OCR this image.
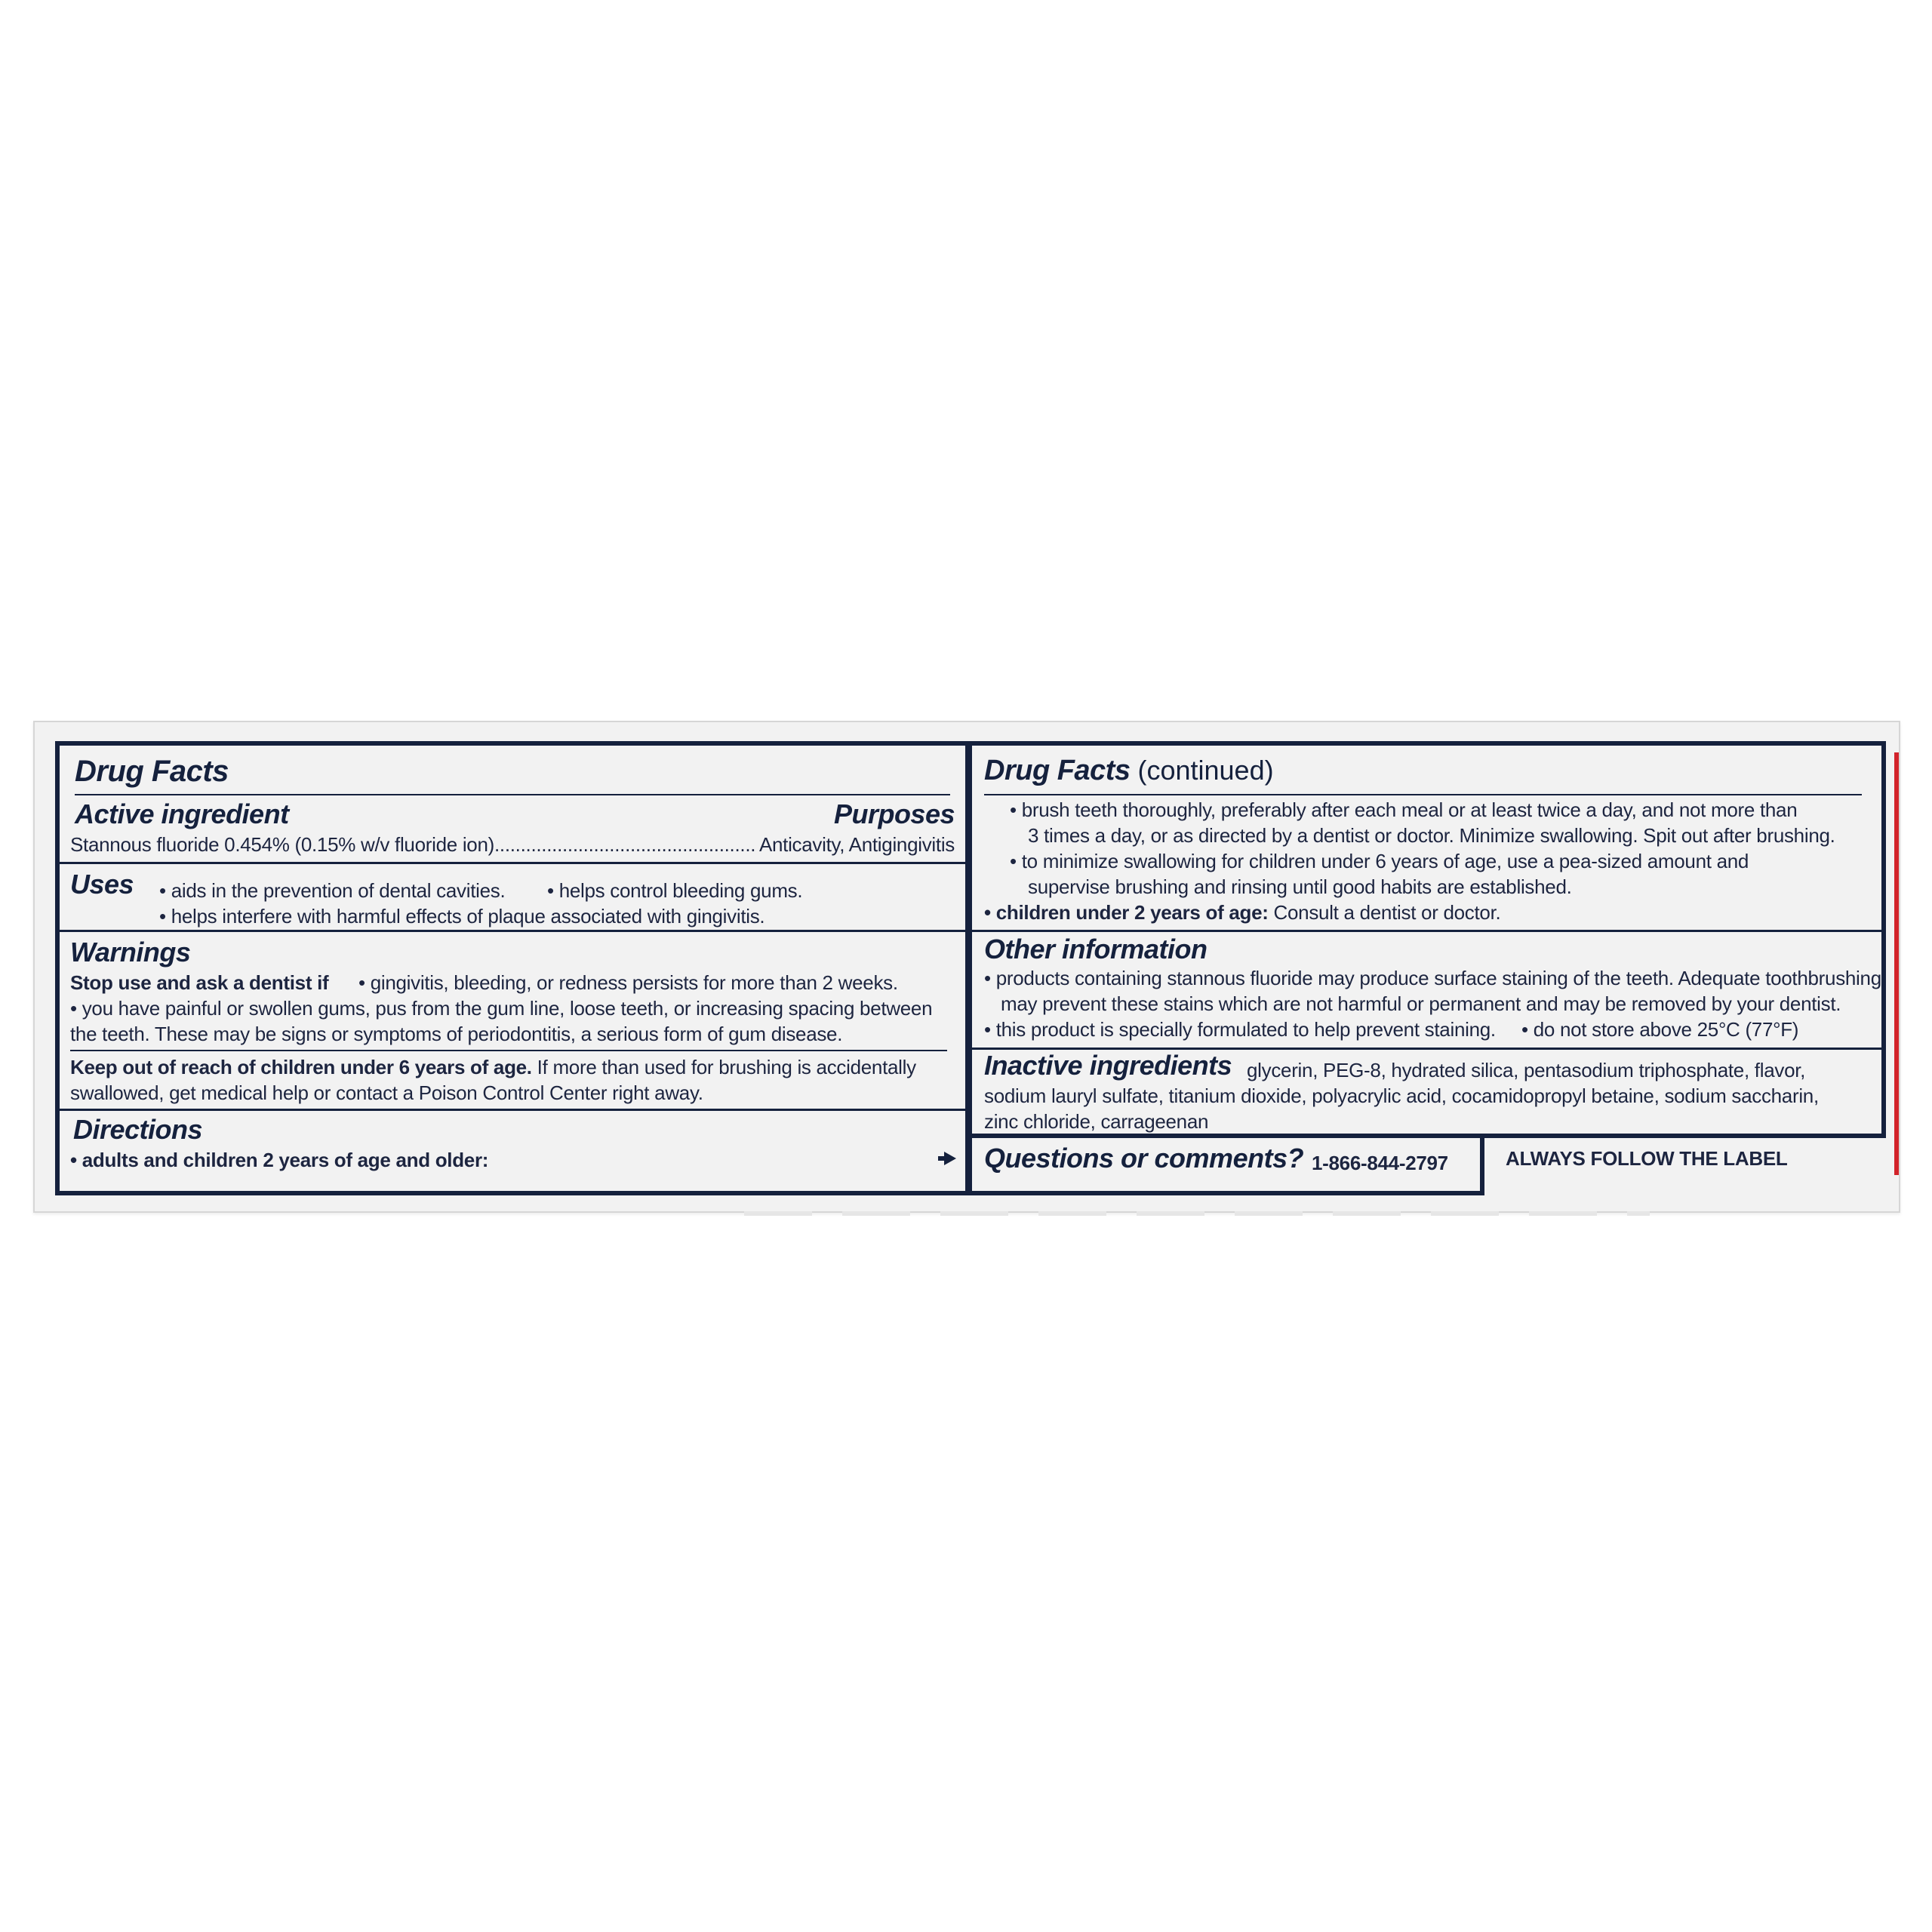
Drug Facts
Active ingredient	Purposes
Stannous fluoride 0.454% (0.15% w/v fluoride ion) .................................................. Anticavity, Antigingivitis
Uses • aids in the prevention of dental cavities. • helps control bleeding gums.
• helps interfere with harmful effects of plaque associated with gingivitis.
Warnings
Stop use and ask a dentist if • gingivitis, bleeding, or redness persists for more than 2 weeks.
• you have painful or swollen gums, pus from the gum line, loose teeth, or increasing spacing between
the teeth. These may be signs or symptoms of periodontitis, a serious form of gum disease.
Keep out of reach of children under 6 years of age. If more than used for brushing is accidentally
swallowed, get medical help or contact a Poison Control Center right away.
Directions
• adults and children 2 years of age and older:
Drug Facts (continued)
• brush teeth thoroughly, preferably after each meal or at least twice a day, and not more than
3 times a day, or as directed by a dentist or doctor. Minimize swallowing. Spit out after brushing.
• to minimize swallowing for children under 6 years of age, use a pea-sized amount and
supervise brushing and rinsing until good habits are established.
• children under 2 years of age: Consult a dentist or doctor.
Other information
• products containing stannous fluoride may produce surface staining of the teeth. Adequate toothbrushing
may prevent these stains which are not harmful or permanent and may be removed by your dentist.
• this product is specially formulated to help prevent staining. • do not store above 25°C (77°F)
Inactive ingredients glycerin, PEG-8, hydrated silica, pentasodium triphosphate, flavor,
sodium lauryl sulfate, titanium dioxide, polyacrylic acid, cocamidopropyl betaine, sodium saccharin,
zinc chloride, carrageenan
Questions or comments? 1-866-844-2797	ALWAYS FOLLOW THE LABEL
